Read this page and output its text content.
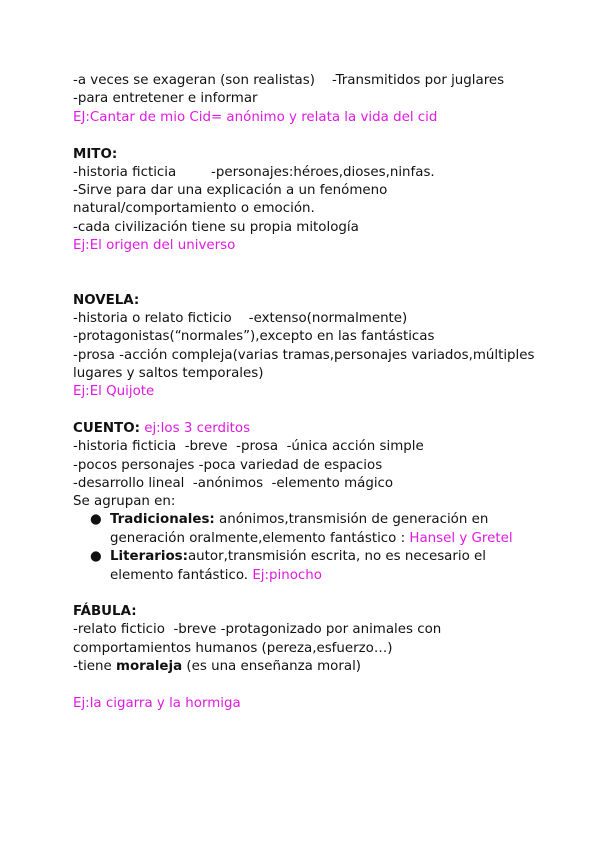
-a veces se exageran (son realistas)    -Transmitidos por juglares
-para entretener e informar
EJ:Cantar de mio Cid= anónimo y relata la vida del cid
MITO:
-historia ficticia	-personajes:héroes,dioses,ninfas.
-Sirve para dar una explicación a un fenómeno
natural/comportamiento o emoción.
-cada civilización tiene su propia mitología
Ej:El origen del universo
NOVELA:
-historia o relato ficticio    -extenso(normalmente)
-protagonistas(“normales”),excepto en las fantásticas
-prosa -acción compleja(varias tramas,personajes variados,múltiples
lugares y saltos temporales)
Ej:El Quijote
CUENTO: ej:los 3 cerditos
-historia ficticia  -breve  -prosa  -única acción simple
-pocos personajes -poca variedad de espacios
-desarrollo lineal  -anónimos  -elemento mágico
Se agrupan en:
● Tradicionales: anónimos,transmisión de generación en
generación oralmente,elemento fantástico : Hansel y Gretel
● Literarios:autor,transmisión escrita, no es necesario el
elemento fantástico. Ej:pinocho
FÁBULA:
-relato ficticio  -breve -protagonizado por animales con
comportamientos humanos (pereza,esfuerzo…)
-tiene moraleja (es una enseñanza moral)
Ej:la cigarra y la hormiga
